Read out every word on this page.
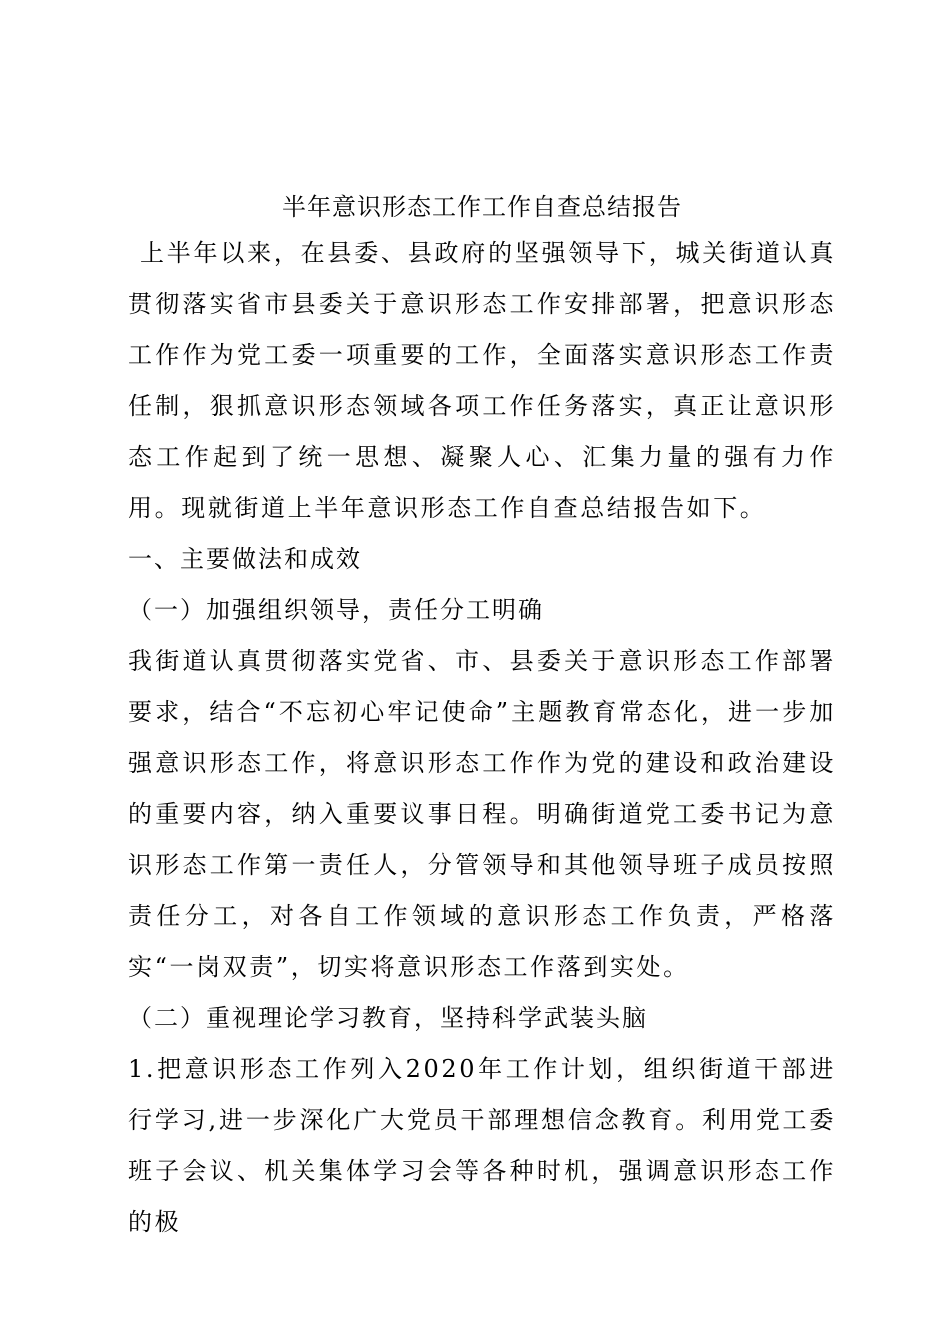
半年意识形态工作工作自查总结报告

上半年以来，在县委、县政府的坚强领导下，城关街道认真贯彻落实省市县委关于意识形态工作安排部署，把意识形态工作作为党工委一项重要的工作，全面落实意识形态工作责任制，狠抓意识形态领域各项工作任务落实，真正让意识形态工作起到了统一思想、凝聚人心、汇集力量的强有力作用。现就街道上半年意识形态工作自查总结报告如下。

一、主要做法和成效

（一）加强组织领导，责任分工明确

我街道认真贯彻落实党省、市、县委关于意识形态工作部署要求，结合“不忘初心牢记使命”主题教育常态化，进一步加强意识形态工作，将意识形态工作作为党的建设和政治建设的重要内容，纳入重要议事日程。明确街道党工委书记为意识形态工作第一责任人，分管领导和其他领导班子成员按照责任分工，对各自工作领域的意识形态工作负责，严格落实“一岗双责”，切实将意识形态工作落到实处。

（二）重视理论学习教育，坚持科学武装头脑

1.把意识形态工作列入2020年工作计划，组织街道干部进行学习,进一步深化广大党员干部理想信念教育。利用党工委班子会议、机关集体学习会等各种时机，强调意识形态工作的极
